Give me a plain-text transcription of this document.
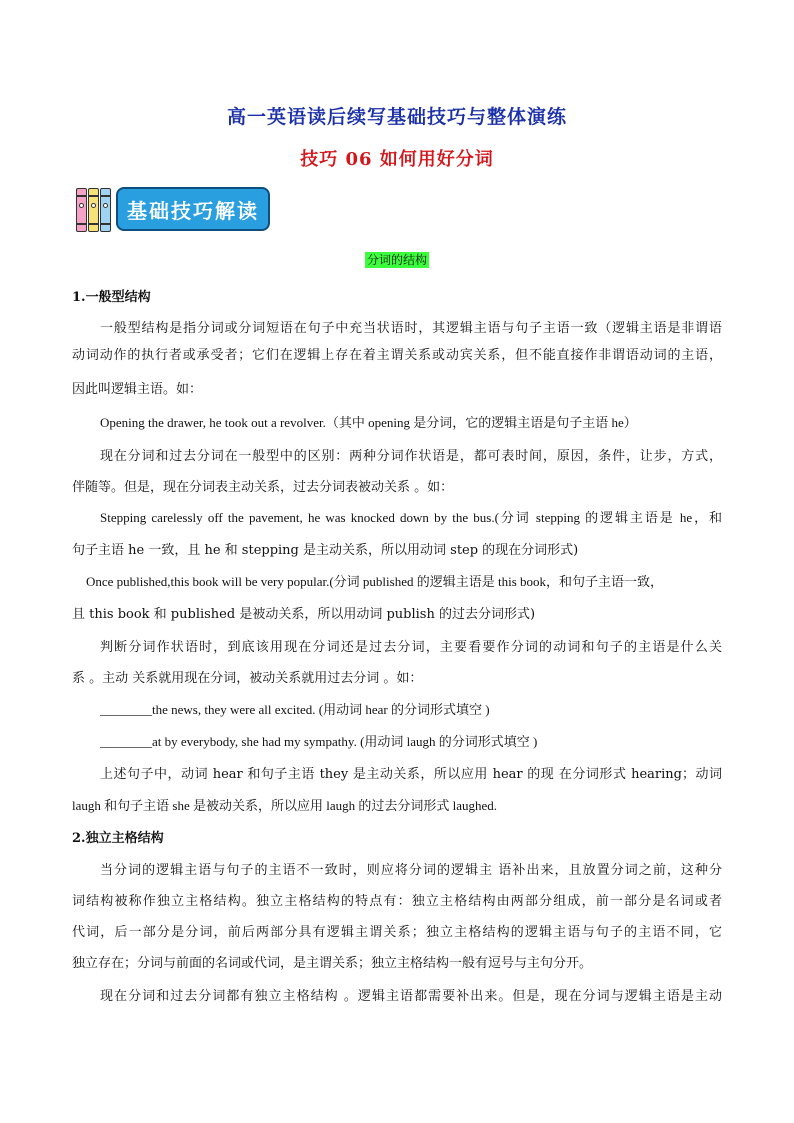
高一英语读后续写基础技巧与整体演练
技巧 06 如何用好分词
基础技巧解读
分词的结构
1.一般型结构
一般型结构是指分词或分词短语在句子中充当状语时，其逻辑主语与句子主语一致（逻辑主语是非谓语
动词动作的执行者或承受者；它们在逻辑上存在着主谓关系或动宾关系，但不能直接作非谓语动词的主语，
因此叫逻辑主语。如：
Opening the drawer, he took out a revolver.（其中 opening 是分词，它的逻辑主语是句子主语 he）
现在分词和过去分词在一般型中的区别：两种分词作状语是，都可表时间，原因，条件，让步，方式，
伴随等。但是，现在分词表主动关系，过去分词表被动关系 。如：
Stepping carelessly off the pavement, he was knocked down by the bus.(分词 stepping 的逻辑主语是 he，和
句子主语 he 一致，且 he 和 stepping 是主动关系，所以用动词 step 的现在分词形式)
Once published,this book will be very popular.(分词 published 的逻辑主语是 this book，和句子主语一致，
且 this book 和 published 是被动关系，所以用动词 publish 的过去分词形式)
判断分词作状语时，到底该用现在分词还是过去分词，主要看要作分词的动词和句子的主语是什么关
系 。主动 关系就用现在分词，被动关系就用过去分词 。如：
________the news, they were all excited. (用动词 hear 的分词形式填空 )
________at by everybody, she had my sympathy. (用动词 laugh 的分词形式填空 )
上述句子中，动词 hear 和句子主语 they 是主动关系，所以应用 hear 的现 在分词形式 hearing；动词
laugh 和句子主语 she 是被动关系，所以应用 laugh 的过去分词形式 laughed.
2.独立主格结构
当分词的逻辑主语与句子的主语不一致时，则应将分词的逻辑主 语补出来，且放置分词之前，这种分
词结构被称作独立主格结构。独立主格结构的特点有：独立主格结构由两部分组成，前一部分是名词或者
代词，后一部分是分词，前后两部分具有逻辑主谓关系；独立主格结构的逻辑主语与句子的主语不同，它
独立存在；分词与前面的名词或代词，是主谓关系；独立主格结构一般有逗号与主句分开。
现在分词和过去分词都有独立主格结构 。逻辑主语都需要补出来。但是，现在分词与逻辑主语是主动
